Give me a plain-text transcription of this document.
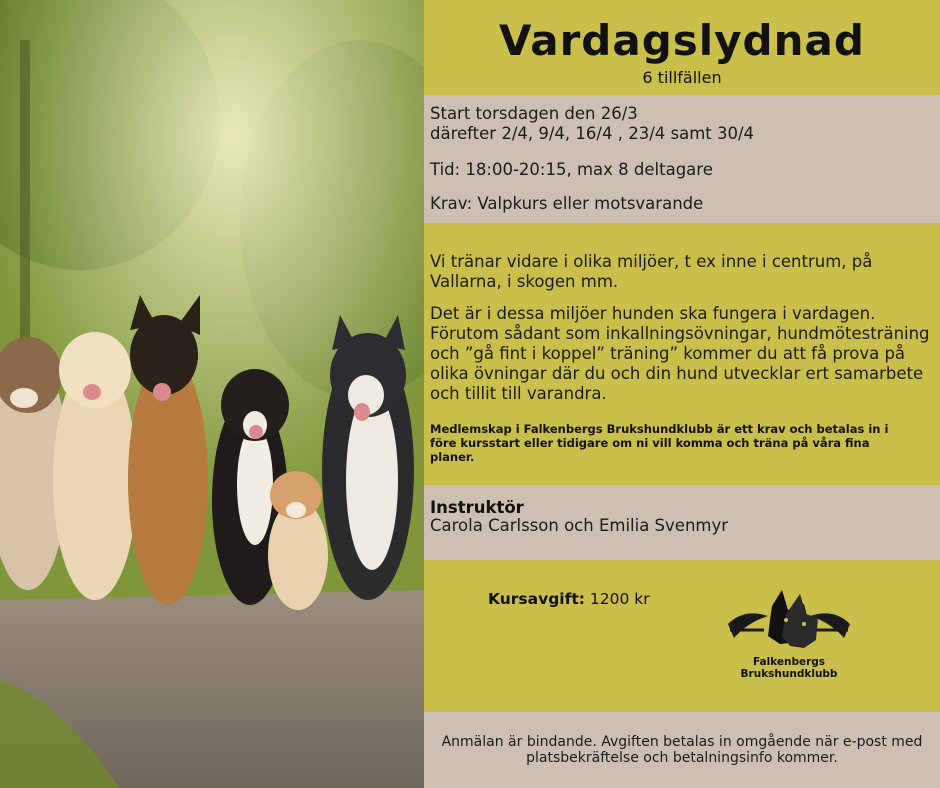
Vardagslydnad
6 tillfällen
Start torsdagen den 26/3
därefter 2/4, 9/4, 16/4 , 23/4 samt 30/4
Tid: 18:00-20:15, max 8 deltagare
Krav: Valpkurs eller motsvarande
Vi tränar vidare i olika miljöer, t ex inne i centrum, på Vallarna, i skogen mm.
Det är i dessa miljöer hunden ska fungera i vardagen. Förutom sådant som inkallningsövningar, hundmötesträning och ”gå fint i koppel” träning” kommer du att få prova på olika övningar där du och din hund utvecklar ert samarbete och tillit till varandra.
Medlemskap i Falkenbergs Brukshundklubb är ett krav och betalas in i före kursstart eller tidigare om ni vill komma och träna på våra fina planer.
Instruktör
Carola Carlsson och Emilia Svenmyr
Kursavgift: 1200 kr
Falkenbergs
Brukshundklubb
Anmälan är bindande. Avgiften betalas in omgående när e-post med platsbekräftelse och betalningsinfo kommer.
